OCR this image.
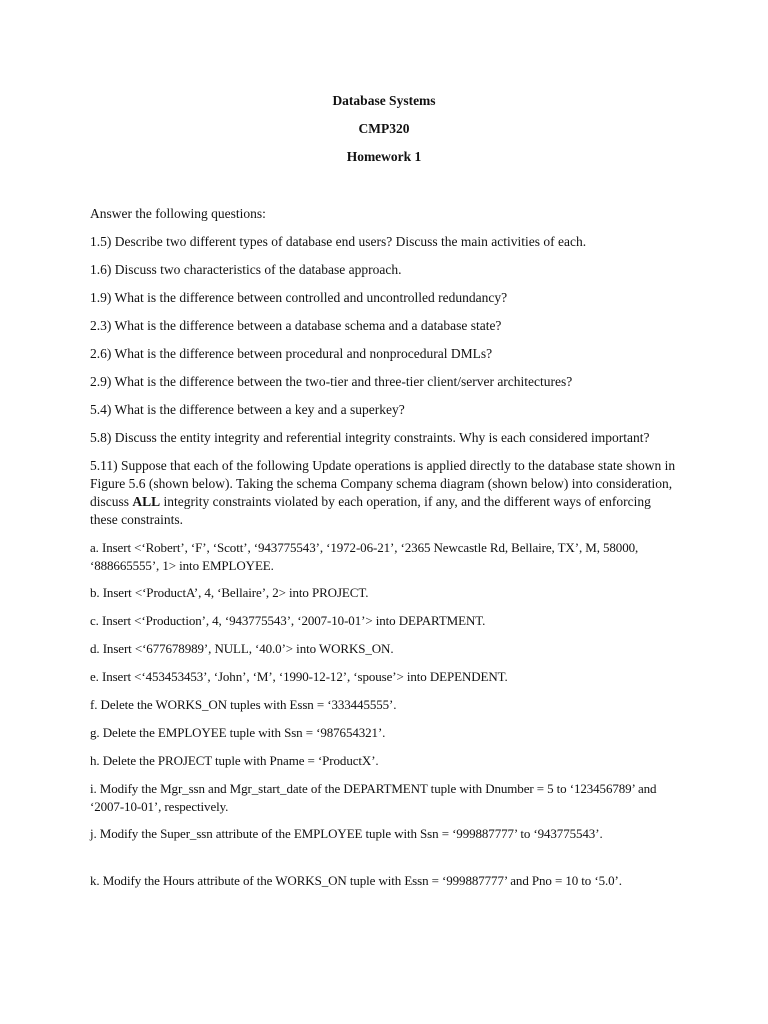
Database Systems
CMP320
Homework 1
Answer the following questions:
1.5) Describe two different types of database end users? Discuss the main activities of each.
1.6) Discuss two characteristics of the database approach.
1.9) What is the difference between controlled and uncontrolled redundancy?
2.3) What is the difference between a database schema and a database state?
2.6) What is the difference between procedural and nonprocedural DMLs?
2.9) What is the difference between the two-tier and three-tier client/server architectures?
5.4) What is the difference between a key and a superkey?
5.8) Discuss the entity integrity and referential integrity constraints. Why is each considered important?
5.11) Suppose that each of the following Update operations is applied directly to the database state shown in Figure 5.6 (shown below). Taking the schema Company schema diagram (shown below) into consideration, discuss ALL integrity constraints violated by each operation, if any, and the different ways of enforcing these constraints.
a. Insert <‘Robert’, ‘F’, ‘Scott’, ‘943775543’, ‘1972-06-21’, ‘2365 Newcastle Rd, Bellaire, TX’, M, 58000, ‘888665555’, 1> into EMPLOYEE.
b. Insert <‘ProductA’, 4, ‘Bellaire’, 2> into PROJECT.
c. Insert <‘Production’, 4, ‘943775543’, ‘2007-10-01’> into DEPARTMENT.
d. Insert <‘677678989’, NULL, ‘40.0’> into WORKS_ON.
e. Insert <‘453453453’, ‘John’, ‘M’, ‘1990-12-12’, ‘spouse’> into DEPENDENT.
f. Delete the WORKS_ON tuples with Essn = ‘333445555’.
g. Delete the EMPLOYEE tuple with Ssn = ‘987654321’.
h. Delete the PROJECT tuple with Pname = ‘ProductX’.
i. Modify the Mgr_ssn and Mgr_start_date of the DEPARTMENT tuple with Dnumber = 5 to ‘123456789’ and ‘2007-10-01’, respectively.
j. Modify the Super_ssn attribute of the EMPLOYEE tuple with Ssn = ‘999887777’ to ‘943775543’.
k. Modify the Hours attribute of the WORKS_ON tuple with Essn = ‘999887777’ and Pno = 10 to ‘5.0’.
